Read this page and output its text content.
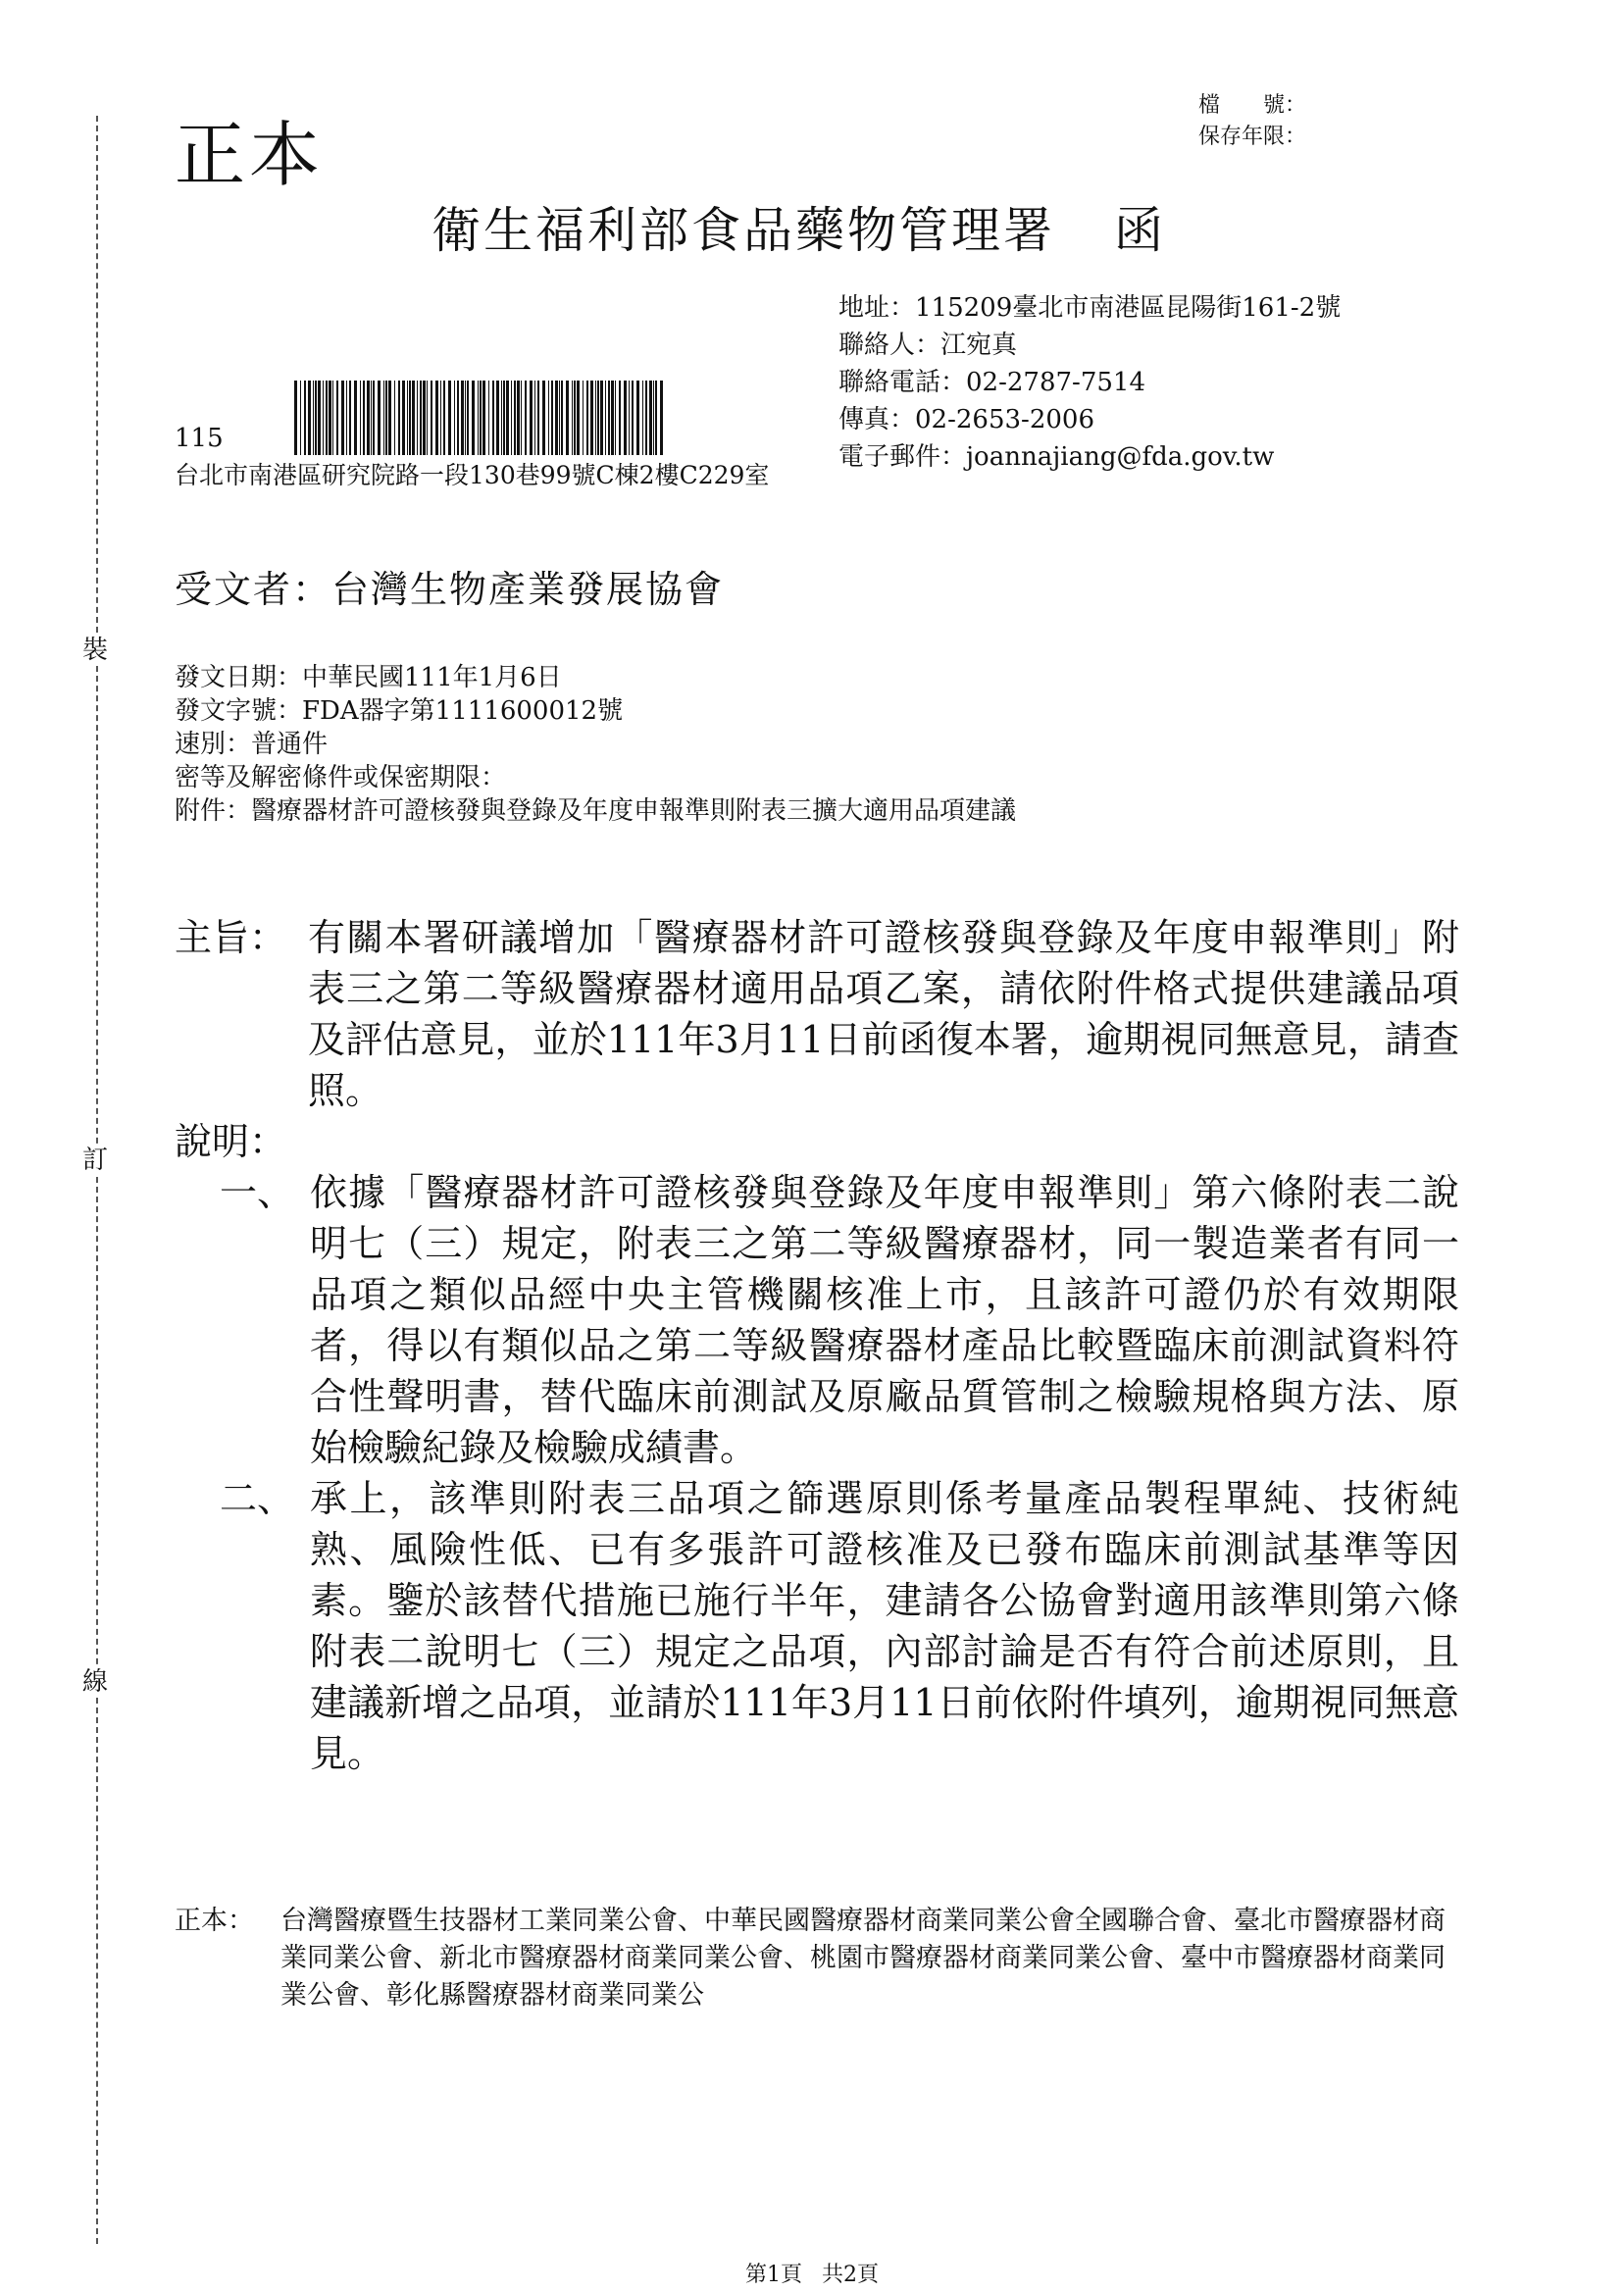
裝
訂
線
正本
檔　　號：
保存年限：
衛生福利部食品藥物管理署 函
地址：115209臺北市南港區昆陽街161-2號
聯絡人：江宛真
聯絡電話：02-2787-7514
傳真：02-2653-2006
電子郵件：joannajiang@fda.gov.tw
115
台北市南港區研究院路一段130巷99號C棟2樓C229室
受文者：台灣生物產業發展協會
發文日期：中華民國111年1月6日
發文字號：FDA器字第1111600012號
速別：普通件
密等及解密條件或保密期限：
附件：醫療器材許可證核發與登錄及年度申報準則附表三擴大適用品項建議
主旨： 有關本署研議增加「醫療器材許可證核發與登錄及年度申報準則」附表三之第二等級醫療器材適用品項乙案，請依附件格式提供建議品項及評估意見，並於111年3月11日前函復本署，逾期視同無意見，請查照。
說明：
一、 依據「醫療器材許可證核發與登錄及年度申報準則」第六條附表二說明七（三）規定，附表三之第二等級醫療器材，同一製造業者有同一品項之類似品經中央主管機關核准上市，且該許可證仍於有效期限者，得以有類似品之第二等級醫療器材產品比較暨臨床前測試資料符合性聲明書，替代臨床前測試及原廠品質管制之檢驗規格與方法、原始檢驗紀錄及檢驗成績書。
二、 承上，該準則附表三品項之篩選原則係考量產品製程單純、技術純熟、風險性低、已有多張許可證核准及已發布臨床前測試基準等因素。鑒於該替代措施已施行半年，建請各公協會對適用該準則第六條附表二說明七（三）規定之品項，內部討論是否有符合前述原則，且建議新增之品項，並請於111年3月11日前依附件填列，逾期視同無意見。
正本：	台灣醫療暨生技器材工業同業公會、中華民國醫療器材商業同業公會全國聯合會、臺北市醫療器材商業同業公會、新北市醫療器材商業同業公會、桃園市醫療器材商業同業公會、臺中市醫療器材商業同業公會、彰化縣醫療器材商業同業公
第1頁 共2頁
